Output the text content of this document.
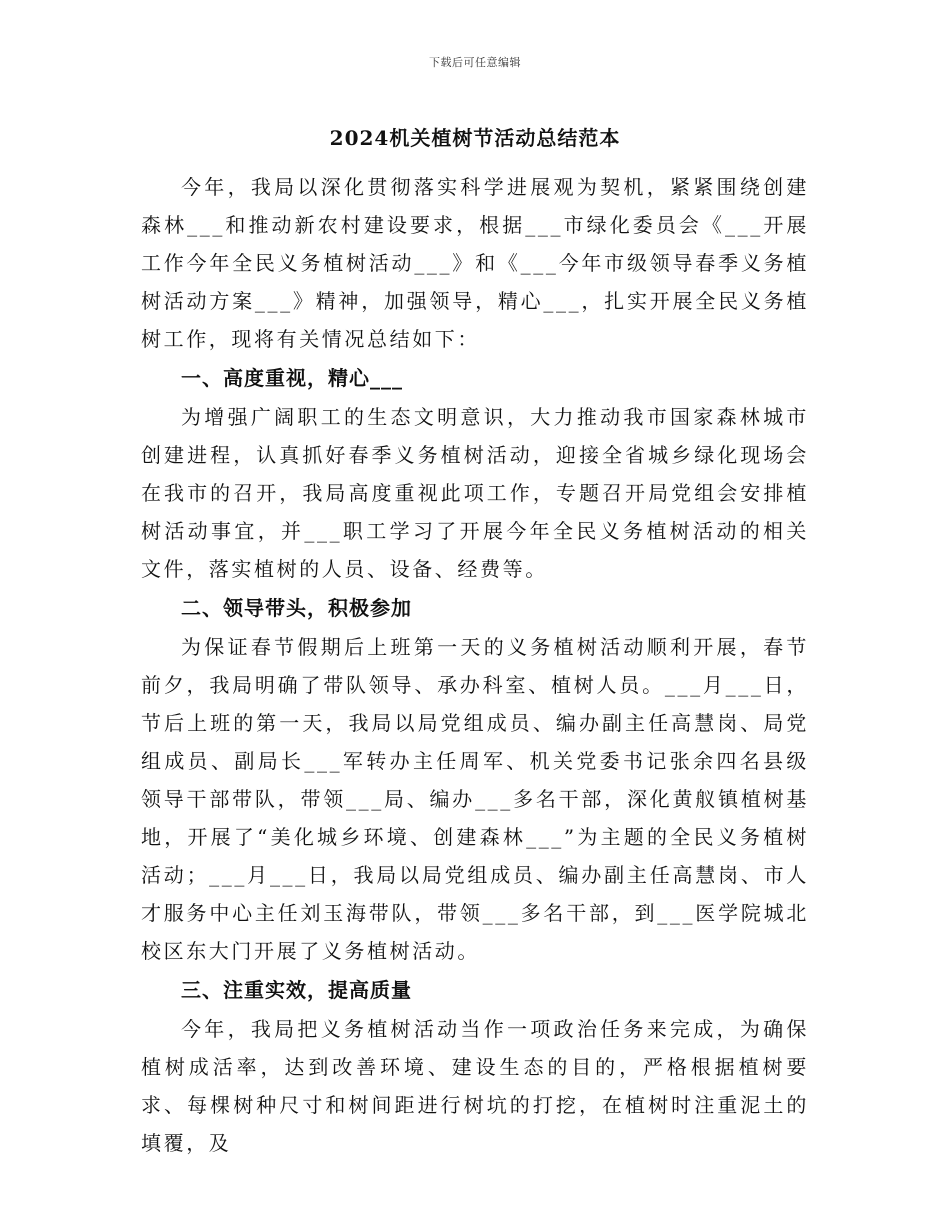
下载后可任意编辑
2024机关植树节活动总结范本

今年，我局以深化贯彻落实科学进展观为契机，紧紧围绕创建森林___和推动新农村建设要求，根据___市绿化委员会《___开展工作今年全民义务植树活动___》和《___今年市级领导春季义务植树活动方案___》精神，加强领导，精心___，扎实开展全民义务植树工作，现将有关情况总结如下：

一、高度重视，精心___

为增强广阔职工的生态文明意识，大力推动我市国家森林城市创建进程，认真抓好春季义务植树活动，迎接全省城乡绿化现场会在我市的召开，我局高度重视此项工作，专题召开局党组会安排植树活动事宜，并___职工学习了开展今年全民义务植树活动的相关文件，落实植树的人员、设备、经费等。

二、领导带头，积极参加

为保证春节假期后上班第一天的义务植树活动顺利开展，春节前夕，我局明确了带队领导、承办科室、植树人员。___月___日，节后上班的第一天，我局以局党组成员、编办副主任高慧岗、局党组成员、副局长___军转办主任周军、机关党委书记张余四名县级领导干部带队，带领___局、编办___多名干部，深化黄舣镇植树基地，开展了“美化城乡环境、创建森林___”为主题的全民义务植树活动；___月___日，我局以局党组成员、编办副主任高慧岗、市人才服务中心主任刘玉海带队，带领___多名干部，到___医学院城北校区东大门开展了义务植树活动。

三、注重实效，提高质量

今年，我局把义务植树活动当作一项政治任务来完成，为确保植树成活率，达到改善环境、建设生态的目的，严格根据植树要求、每棵树种尺寸和树间距进行树坑的打挖，在植树时注重泥土的填覆，及
